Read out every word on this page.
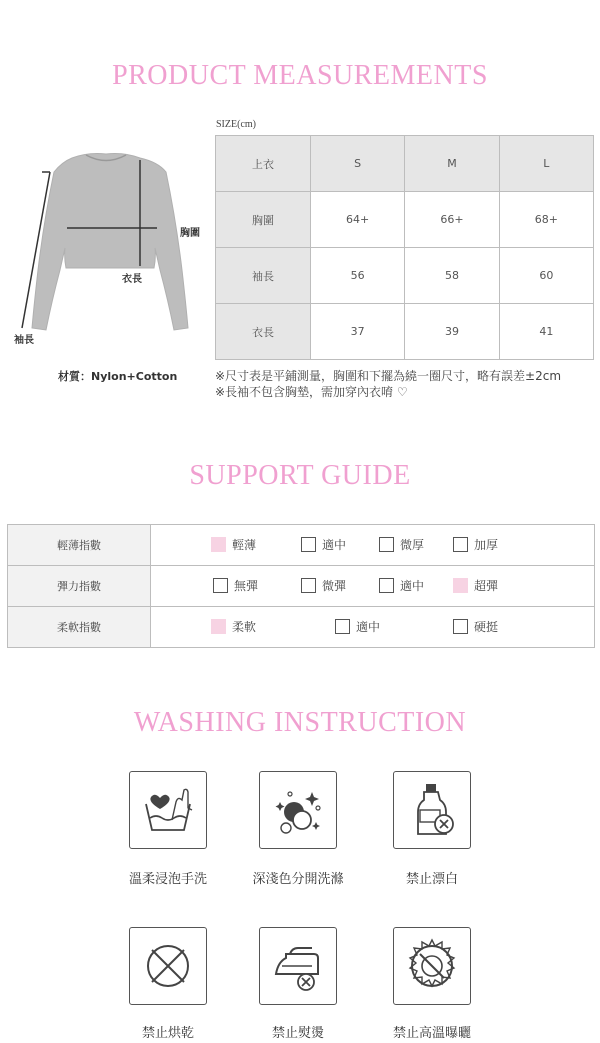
PRODUCT MEASUREMENTS
胸圍
衣長
袖長
材質：Nylon+Cotton
SIZE(cm)
上衣	S	M	L
胸圍	64+	66+	68+
袖長	56	58	60
衣長	37	39	41
※尺寸表是平鋪測量，胸圍和下擺為繞一圈尺寸，略有誤差±2cm
※長袖不包含胸墊，需加穿內衣唷 ♡
SUPPORT GUIDE
輕薄指數	輕薄	適中	微厚	加厚
彈力指數	無彈	微彈	適中	超彈
柔軟指數	柔軟	適中	硬挺
WASHING INSTRUCTION
溫柔浸泡手洗	深淺色分開洗滌	禁止漂白
禁止烘乾	禁止熨燙	禁止高溫曝曬
